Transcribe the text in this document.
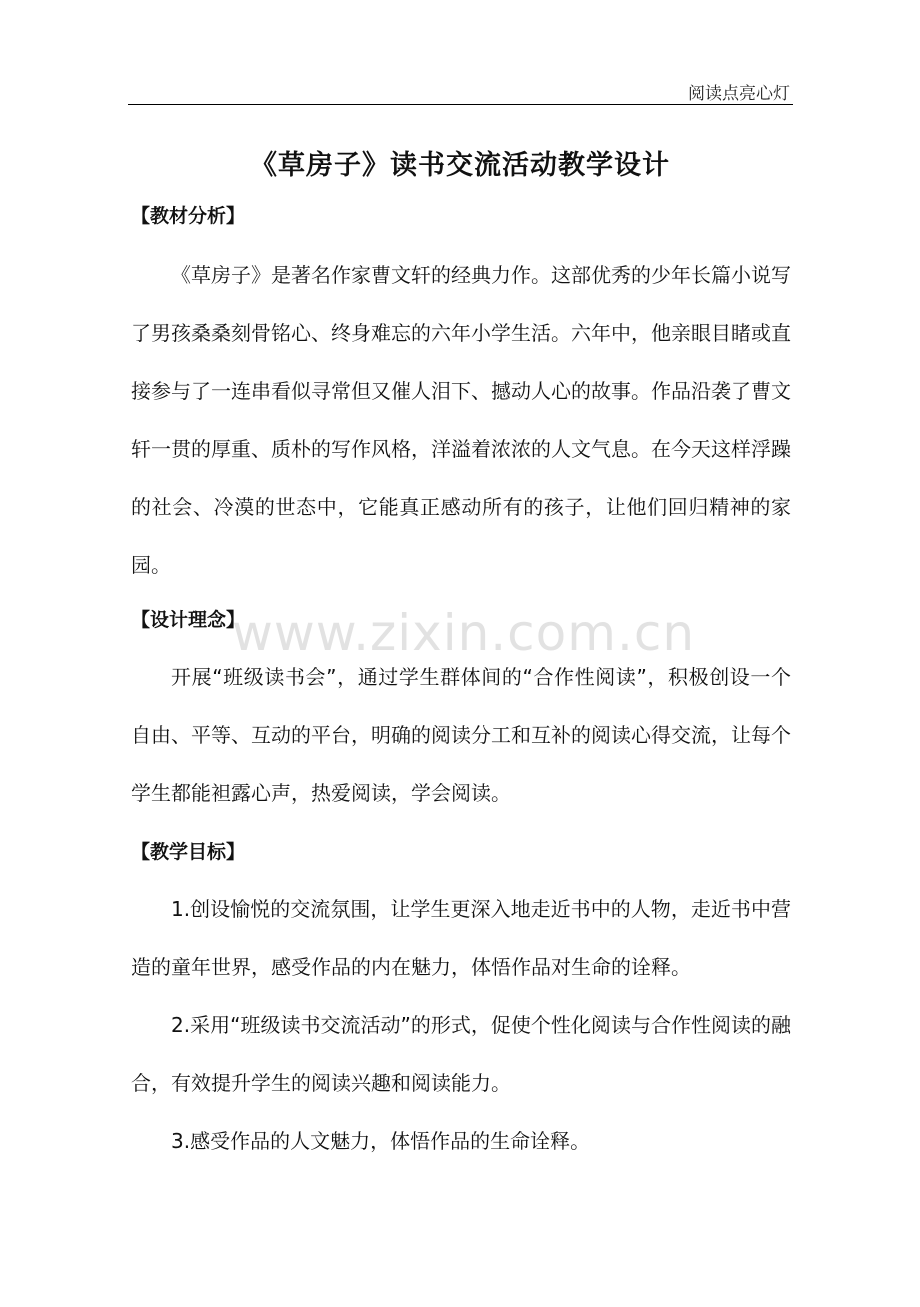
阅读点亮心灯
《草房子》读书交流活动教学设计

【教材分析】

《草房子》是著名作家曹文轩的经典力作。这部优秀的少年长篇小说写了男孩桑桑刻骨铭心、终身难忘的六年小学生活。六年中，他亲眼目睹或直接参与了一连串看似寻常但又催人泪下、撼动人心的故事。作品沿袭了曹文轩一贯的厚重、质朴的写作风格，洋溢着浓浓的人文气息。在今天这样浮躁的社会、冷漠的世态中，它能真正感动所有的孩子，让他们回归精神的家园。

【设计理念】

开展“班级读书会”，通过学生群体间的“合作性阅读”，积极创设一个自由、平等、互动的平台，明确的阅读分工和互补的阅读心得交流，让每个学生都能袒露心声，热爱阅读，学会阅读。

【教学目标】

1.创设愉悦的交流氛围，让学生更深入地走近书中的人物，走近书中营造的童年世界，感受作品的内在魅力，体悟作品对生命的诠释。

2.采用“班级读书交流活动”的形式，促使个性化阅读与合作性阅读的融合，有效提升学生的阅读兴趣和阅读能力。

3.感受作品的人文魅力，体悟作品的生命诠释。

www.zixin.com.cn
